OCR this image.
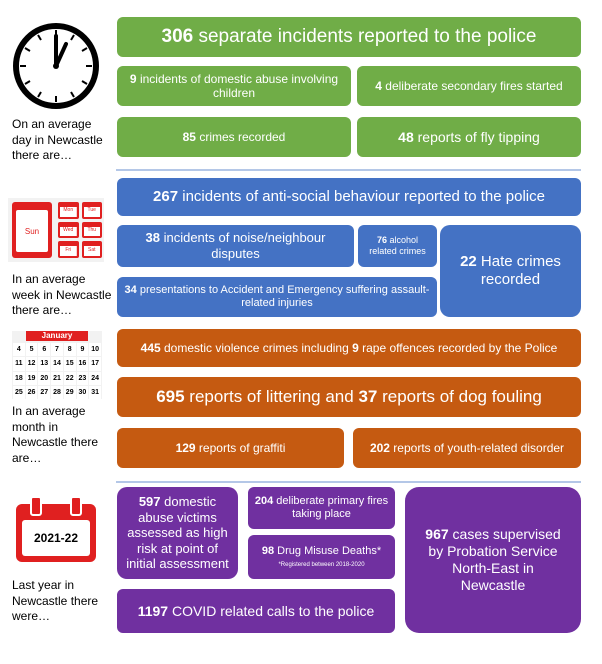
On an average day in Newcastle there are…
306 separate incidents reported to the police
9 incidents of domestic abuse involving children
4 deliberate secondary fires started
85 crimes recorded	48 reports of fly tipping
Sun
Mon	Tue
Wed	Thu
Fri	Sat
In an average week in Newcastle there are…
267 incidents of anti-social behaviour reported to the police
38 incidents of noise/neighbour disputes
76 alcohol related crimes
22 Hate crimes recorded
34 presentations to Accident and Emergency suffering assault-related injuries
January
4	5	6	7	8	9 10
11 12 13 14 15 16 17
18 19 20 21 22 23 24
25 26 27 28 29 30 31
In an average month in Newcastle there are…
445 domestic violence crimes including 9 rape offences recorded by the Police
695 reports of littering and 37 reports of dog fouling
129 reports of graffiti	202 reports of youth-related disorder
2021-22
Last year in Newcastle there were…
597 domestic abuse victims assessed as high risk at point of initial assessment
204 deliberate primary fires taking place
98 Drug Misuse Deaths*
*Registered between 2018-2020
967 cases supervised by Probation Service North-East in Newcastle
1197 COVID related calls to the police
